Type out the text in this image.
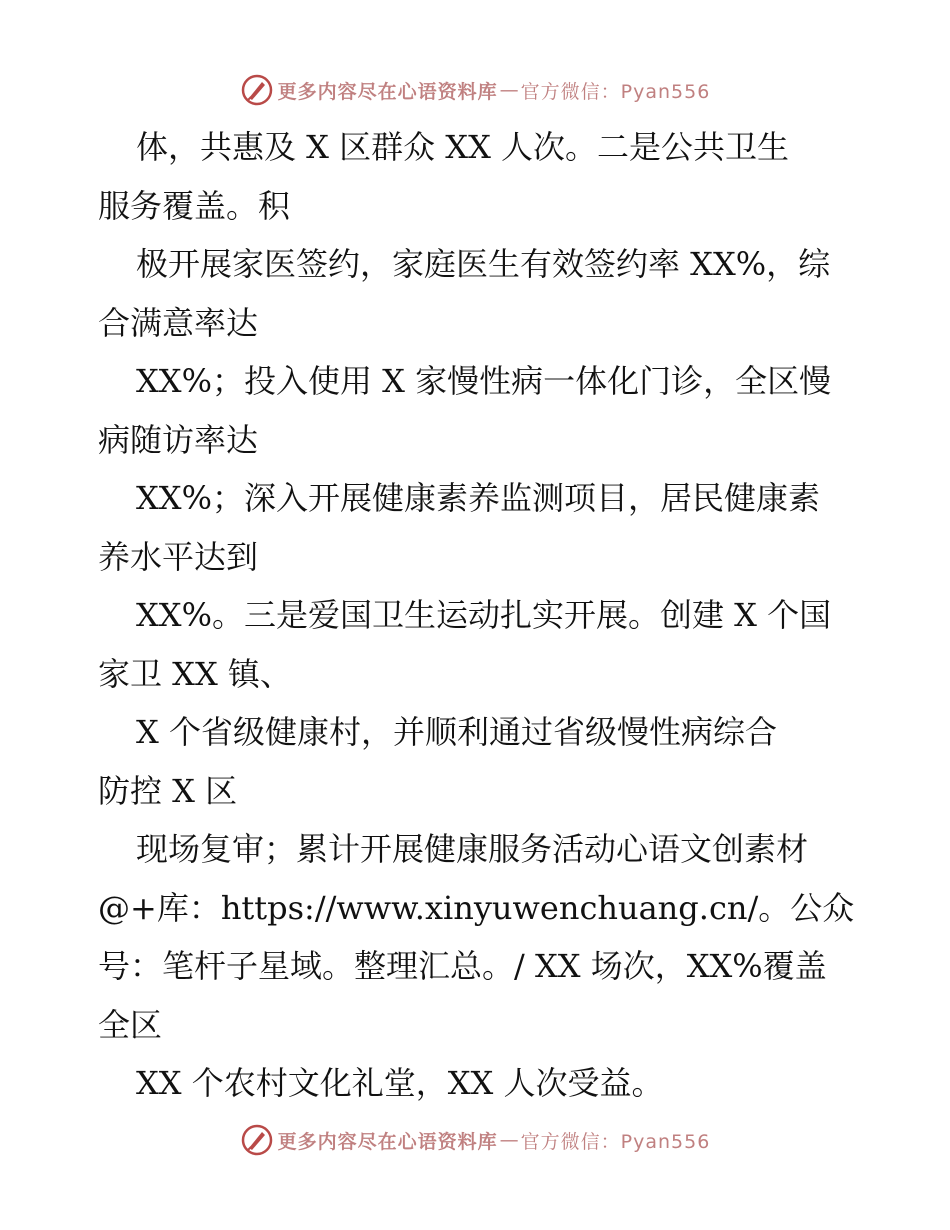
更多内容尽在心语资料库 — 官方微信：Pyan556

体，共惠及 X 区群众 XX 人次。二是公共卫生

服务覆盖。积

极开展家医签约，家庭医生有效签约率 XX%，综

合满意率达

XX%；投入使用 X 家慢性病一体化门诊，全区慢

病随访率达

XX%；深入开展健康素养监测项目，居民健康素

养水平达到

XX%。三是爱国卫生运动扎实开展。创建 X 个国

家卫 XX 镇、

X 个省级健康村，并顺利通过省级慢性病综合

防控 X 区

现场复审；累计开展健康服务活动心语文创素材

@+库：https://www.xinyuwenchuang.cn/。公众

号：笔杆子星域。整理汇总。/ XX 场次，XX%覆盖

全区

XX 个农村文化礼堂，XX 人次受益。

更多内容尽在心语资料库 — 官方微信：Pyan556
